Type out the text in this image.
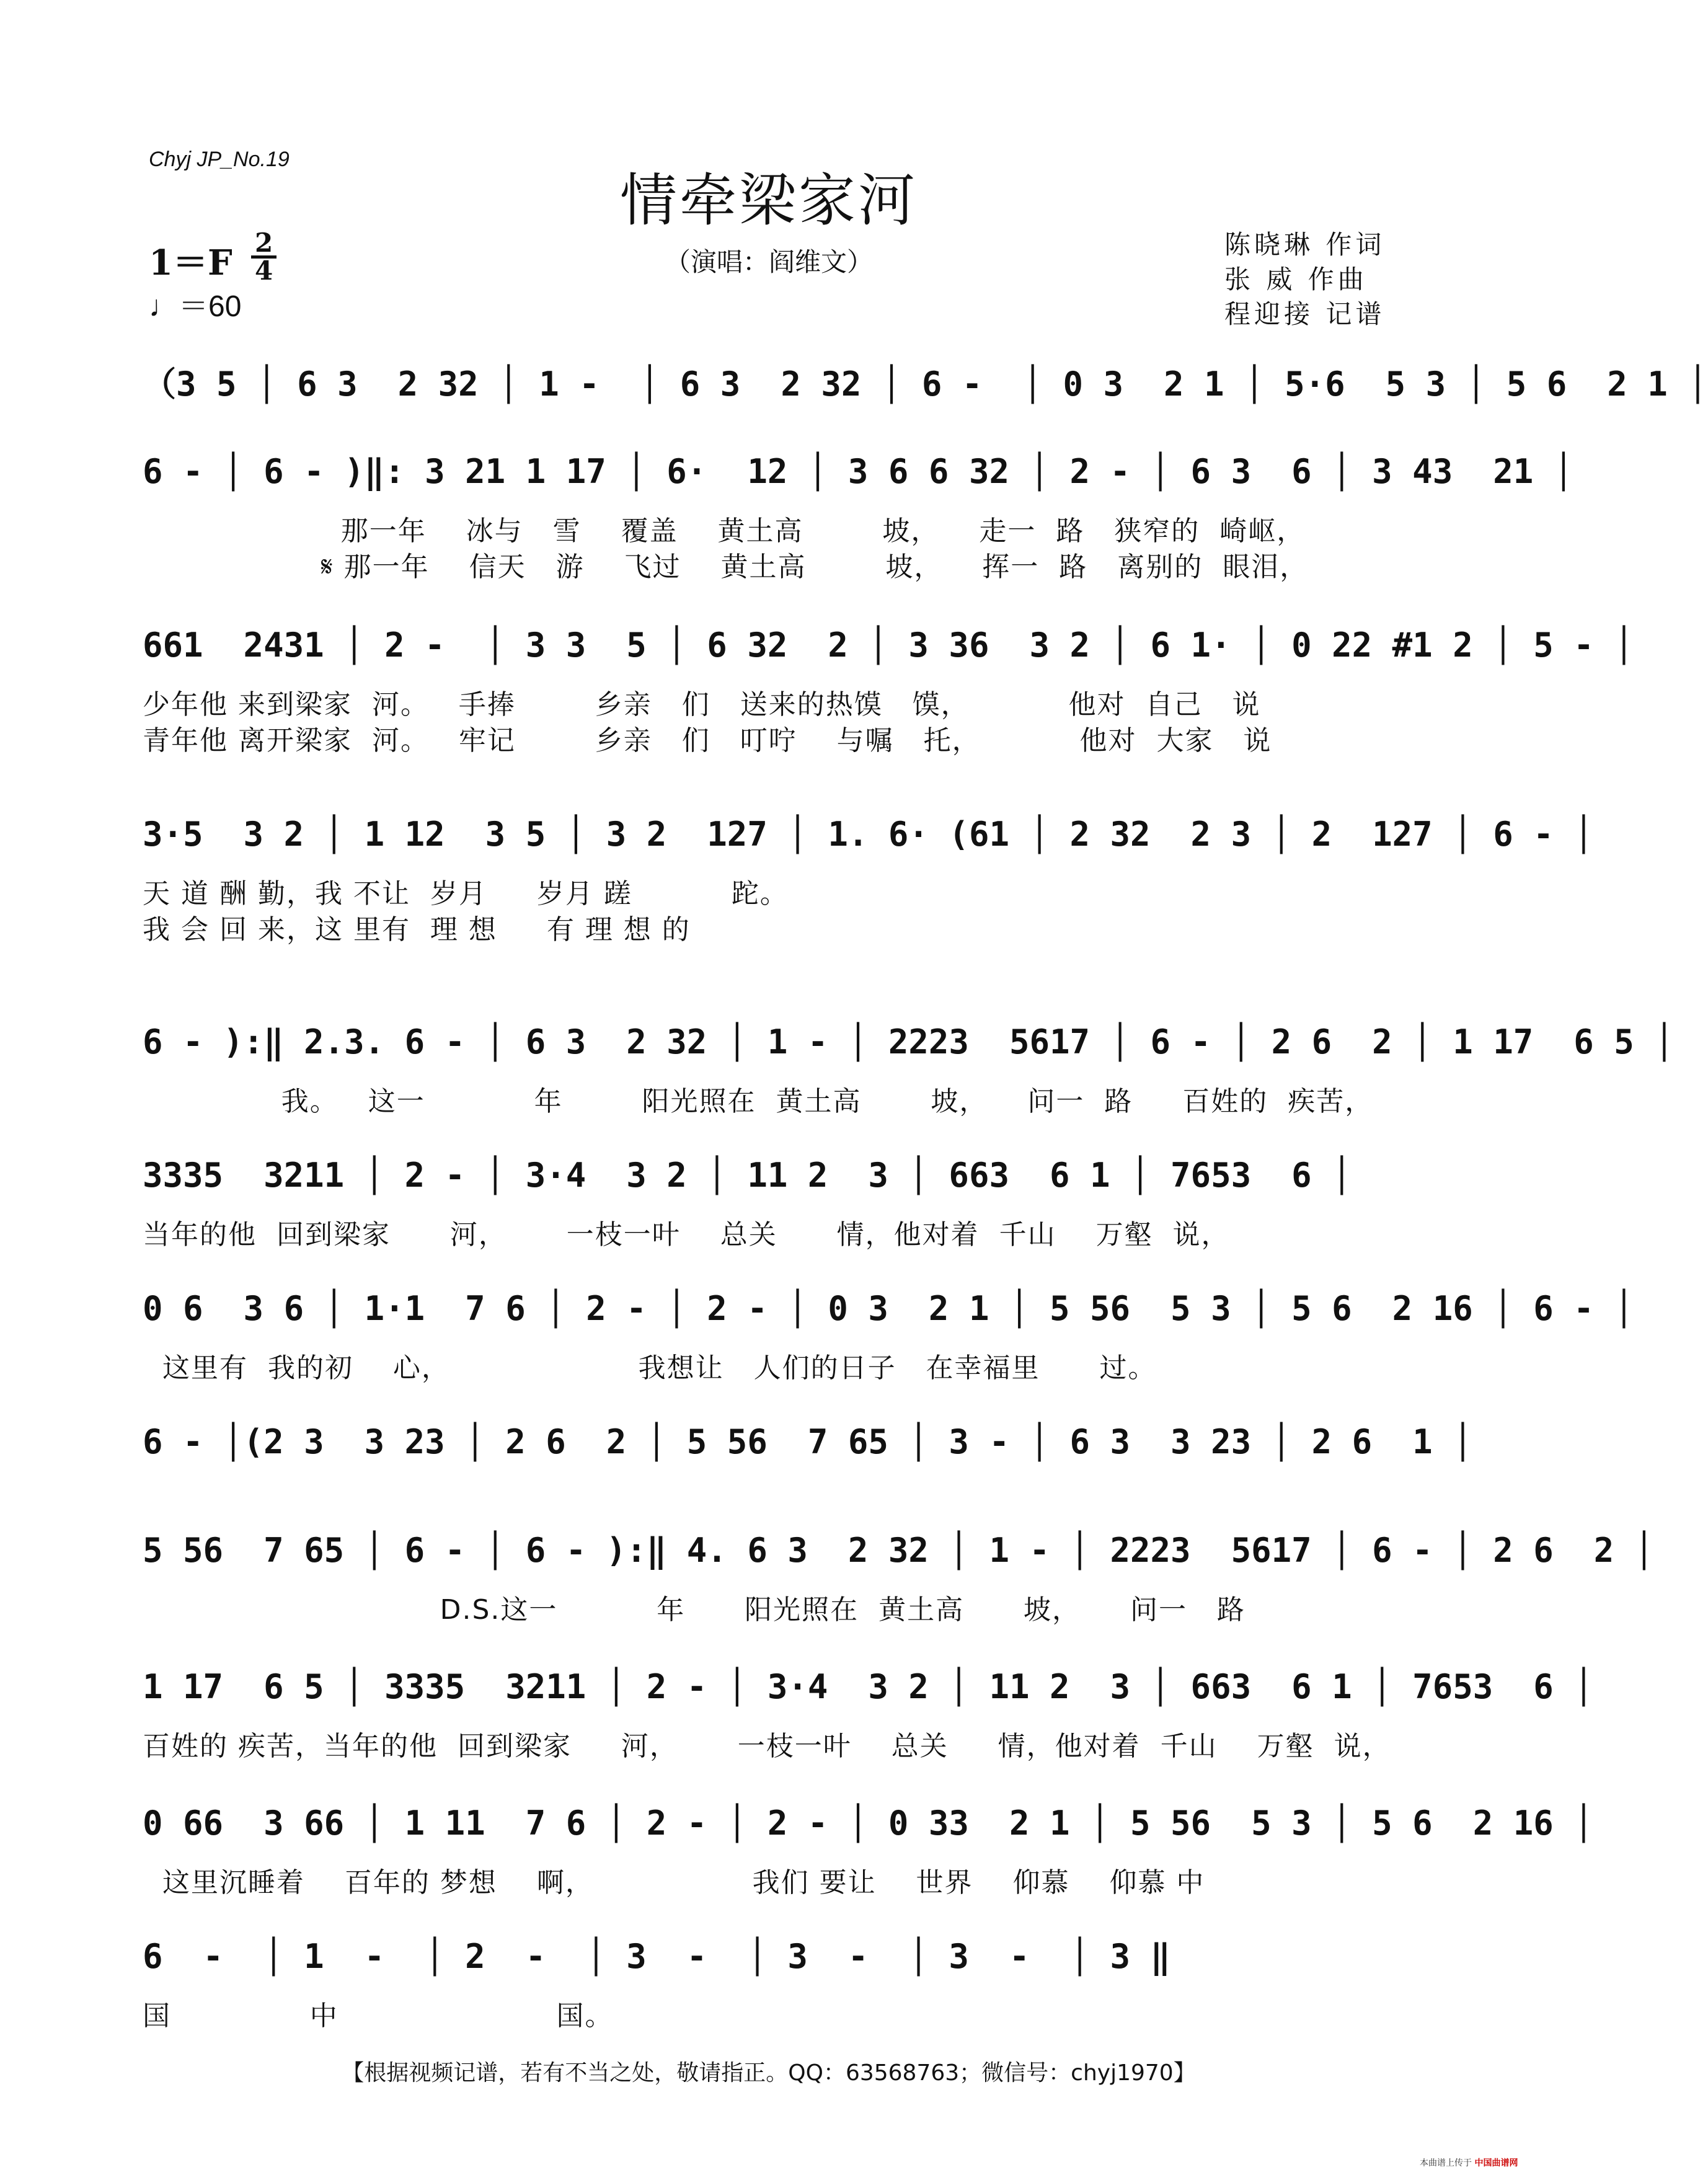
Chyj JP_No.19
情牵梁家河
（演唱：阎维文）
1＝F 2
4
♩＝60
陈晓琳 作词
张 威 作曲
程迎接 记谱
（3 5 │ 6 3  2 32 │ 1 -  │ 6 3  2 32 │ 6 -  │ 0 3  2 1 │ 5·6  5 3 │ 5 6  2 1 │
6 - │ 6 - )‖: 3 21 1 17 │ 6·  12 │ 3 6 6 32 │ 2 - │ 6 3  6 │ 3 43  21 │
那一年    冰与   雪    覆盖    黄土高        坡，    走一  路   狭窄的  崎岖，
𝄋 那一年    信天   游    飞过    黄土高        坡，    挥一  路   离别的  眼泪，
661  2431 │ 2 -  │ 3 3  5 │ 6 32  2 │ 3 36  3 2 │ 6 1· │ 0 22 #1 2 │ 5 - │
少年他 来到梁家  河。   手捧        乡亲   们   送来的热馍   馍，          他对  自己   说
青年他 离开梁家  河。   牢记        乡亲   们   叮咛    与嘱   托，          他对  大家   说
3·5  3 2 │ 1 12  3 5 │ 3 2  127 │ 1. 6· (61 │ 2 32  2 3 │ 2  127 │ 6 - │
天 道 酬 勤，我 不让  岁月     岁月 蹉          跎。
我 会 回 来，这 里有  理 想     有 理 想 的
6 - ):‖ 2.3. 6 - │ 6 3  2 32 │ 1 - │ 2223  5617 │ 6 - │ 2 6  2 │ 1 17  6 5 │
我。   这一           年        阳光照在  黄土高       坡，    问一  路     百姓的  疾苦，
3335  3211 │ 2 - │ 3·4  3 2 │ 11 2  3 │ 663  6 1 │ 7653  6 │
当年的他  回到梁家      河，      一枝一叶    总关      情，他对着  千山    万壑  说，
0 6  3 6 │ 1·1  7 6 │ 2 - │ 2 - │ 0 3  2 1 │ 5 56  5 3 │ 5 6  2 16 │ 6 - │
这里有  我的初    心，                   我想让   人们的日子   在幸福里      过。
6 - │(2 3  3 23 │ 2 6  2 │ 5 56  7 65 │ 3 - │ 6 3  3 23 │ 2 6  1 │
5 56  7 65 │ 6 - │ 6 - ):‖ 4. 6 3  2 32 │ 1 - │ 2223  5617 │ 6 - │ 2 6  2 │
D.S.这一          年      阳光照在  黄土高      坡，     问一   路
1 17  6 5 │ 3335  3211 │ 2 - │ 3·4  3 2 │ 11 2  3 │ 663  6 1 │ 7653  6 │
百姓的 疾苦，当年的他  回到梁家     河，      一枝一叶    总关     情，他对着  千山    万壑  说，
0 66  3 66 │ 1 11  7 6 │ 2 - │ 2 - │ 0 33  2 1 │ 5 56  5 3 │ 5 6  2 16 │
这里沉睡着    百年的 梦想    啊，                我们 要让    世界    仰慕    仰慕 中
6  -  │ 1  -  │ 2  -  │ 3  -  │ 3  -  │ 3  -  │ 3 ‖
国              中                      国。
【根据视频记谱，若有不当之处，敬请指正。QQ：63568763；微信号：chyj1970】
本曲谱上传于 中国曲谱网
